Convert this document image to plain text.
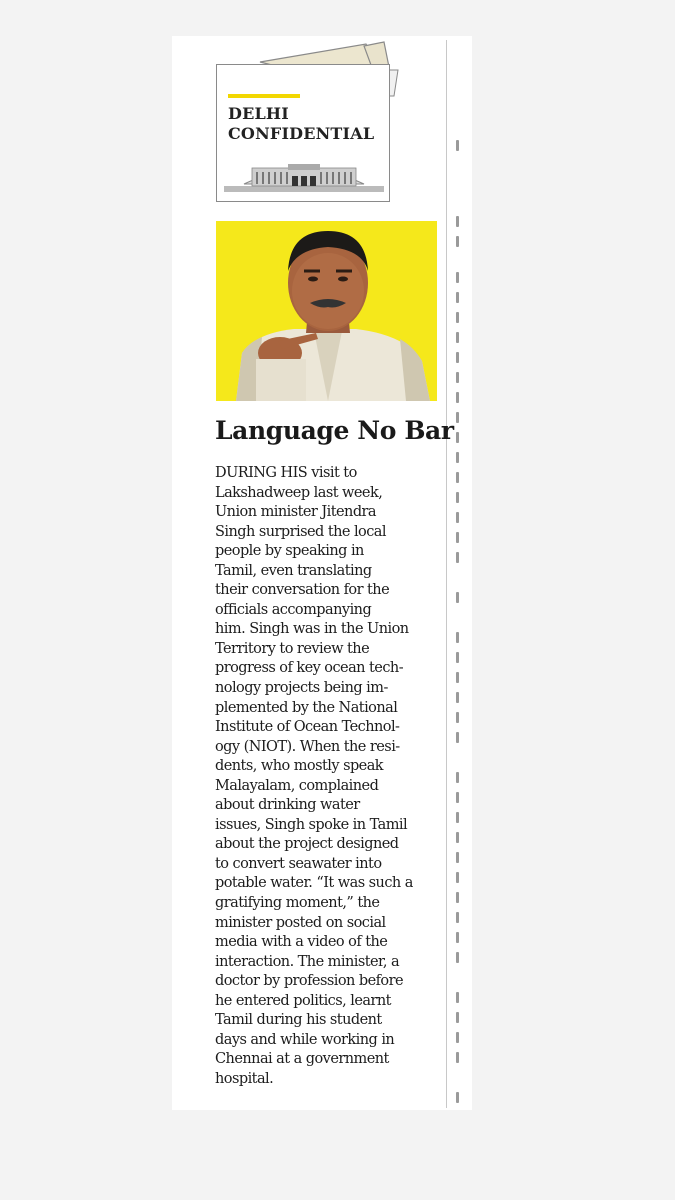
DELHI
CONFIDENTIAL
Language No Bar
DURING HIS visit to
Lakshadweep last week,
Union minister Jitendra
Singh surprised the local
people by speaking in
Tamil, even translating
their conversation for the
officials accompanying
him. Singh was in the Union
Territory to review the
progress of key ocean tech-
nology projects being im-
plemented by the National
Institute of Ocean Technol-
ogy (NIOT). When the resi-
dents, who mostly speak
Malayalam, complained
about drinking water
issues, Singh spoke in Tamil
about the project designed
to convert seawater into
potable water. “It was such a
gratifying moment,” the
minister posted on social
media with a video of the
interaction. The minister, a
doctor by profession before
he entered politics, learnt
Tamil during his student
days and while working in
Chennai at a government
hospital.
